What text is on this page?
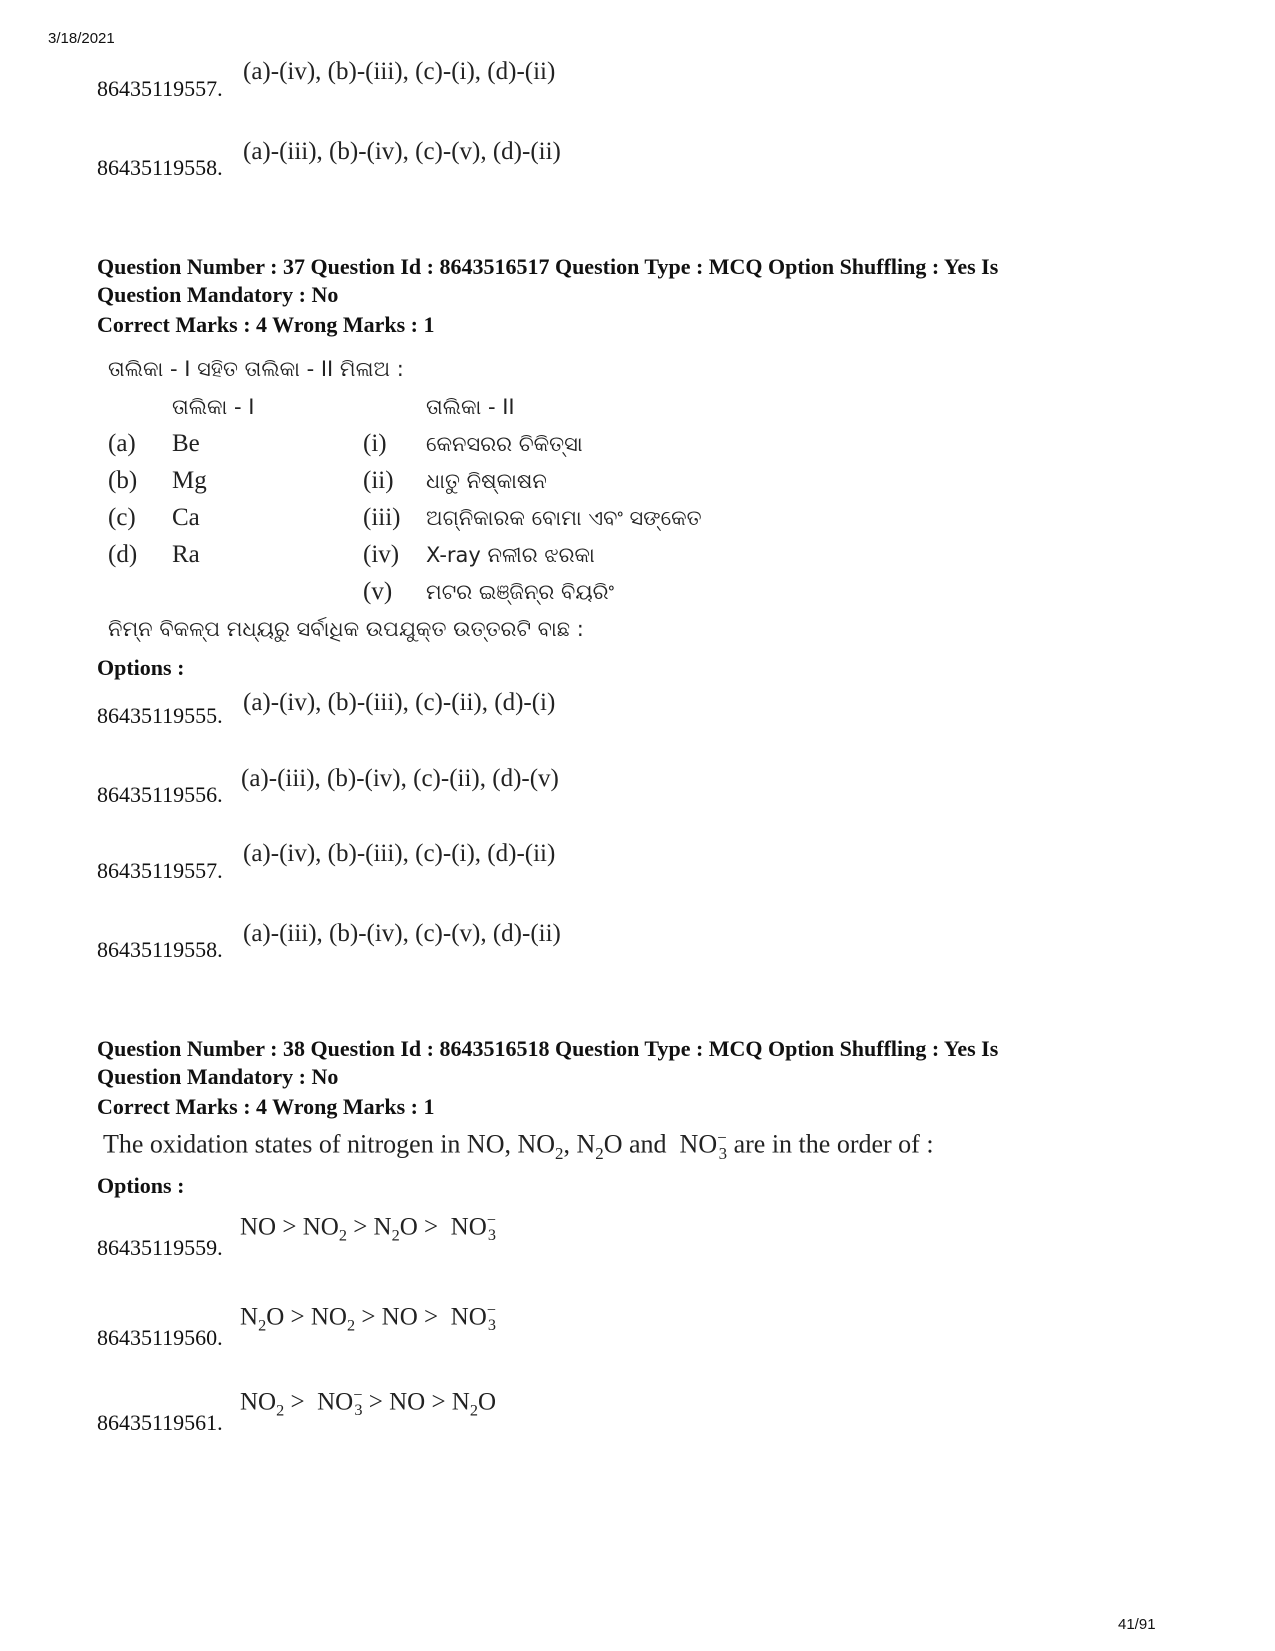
3/18/2021
86435119557.
(a)-(iv), (b)-(iii), (c)-(i), (d)-(ii)
86435119558.
(a)-(iii), (b)-(iv), (c)-(v), (d)-(ii)
Question Number : 37 Question Id : 8643516517 Question Type : MCQ Option Shuffling : Yes Is
Question Mandatory : No
Correct Marks : 4 Wrong Marks : 1
ତାଲିକା - I ସହିତ ତାଲିକା - II ମିଳାଅ :
ତାଲିକା - I	ତାଲିକା - II
(a) Be
(b) Mg
(c) Ca
(d) Ra
(i) କେନସରର ଚିକିତ୍ସା
(ii) ଧାତୁ ନିଷ୍କାଷନ
(iii) ଅଗ୍ନିକାରକ ବୋମା ଏବଂ ସଙ୍କେତ
(iv) X-ray ନଳୀର ଝରକା
(v) ମଟର ଇଞ୍ଜିନ୍‌ର ବିୟରିଂ
ନିମ୍ନ ବିକଳ୍ପ ମଧ୍ୟରୁ ସର୍ବାଧିକ ଉପଯୁକ୍ତ ଉତ୍ତରଟି ବାଛ :
Options :
86435119555. (a)-(iv), (b)-(iii), (c)-(ii), (d)-(i)
86435119556.
(a)-(iii), (b)-(iv), (c)-(ii), (d)-(v)
86435119557.
(a)-(iv), (b)-(iii), (c)-(i), (d)-(ii)
86435119558.
(a)-(iii), (b)-(iv), (c)-(v), (d)-(ii)
Question Number : 38 Question Id : 8643516518 Question Type : MCQ Option Shuffling : Yes Is
Question Mandatory : No
Correct Marks : 4 Wrong Marks : 1
The oxidation states of nitrogen in NO, $NO_2$, $N_2O$ and  $NO^-_3$ are in the order of :
Options :
86435119559.
NO > $NO_2 > N_2O > NO^-_3$
86435119560.
$N_2O > NO_2$ > NO >  $NO^-_3$
86435119561.
$NO_2 > NO^-_3$ > NO > $N_2O$
41/91
